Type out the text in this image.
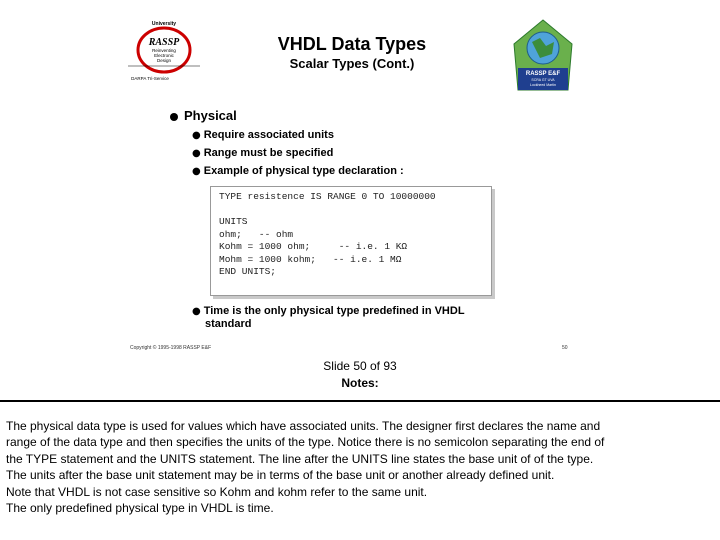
University
RASSP
Reinventing
Electronic
Design
DARPA Tri-Service
VHDL Data Types
Scalar Types (Cont.)
RASSP E&F
SCRA GT UVA
Lockheed Martin
Physical
● Require associated units
● Range must be specified
● Example of physical type declaration :
TYPE resistence IS RANGE 0 TO 10000000

UNITS
ohm;   -- ohm
Kohm = 1000 ohm;     -- i.e. 1 KΩ
Mohm = 1000 kohm;   -- i.e. 1 MΩ
END UNITS;
● Time is the only physical type predefined in VHDL
standard
Copyright © 1995-1998 RASSP E&F	50
Slide 50 of 93
Notes:
The physical data type is used for values which have associated units. The designer first declares the name and
range of the data type and then specifies the units of the type. Notice there is no semicolon separating the end of
the TYPE statement and the UNITS statement. The line after the UNITS line states the base unit of of the type.
The units after the base unit statement may be in terms of the base unit or another already defined unit.
Note that VHDL is not case sensitive so Kohm and kohm refer to the same unit.
The only predefined physical type in VHDL is time.
